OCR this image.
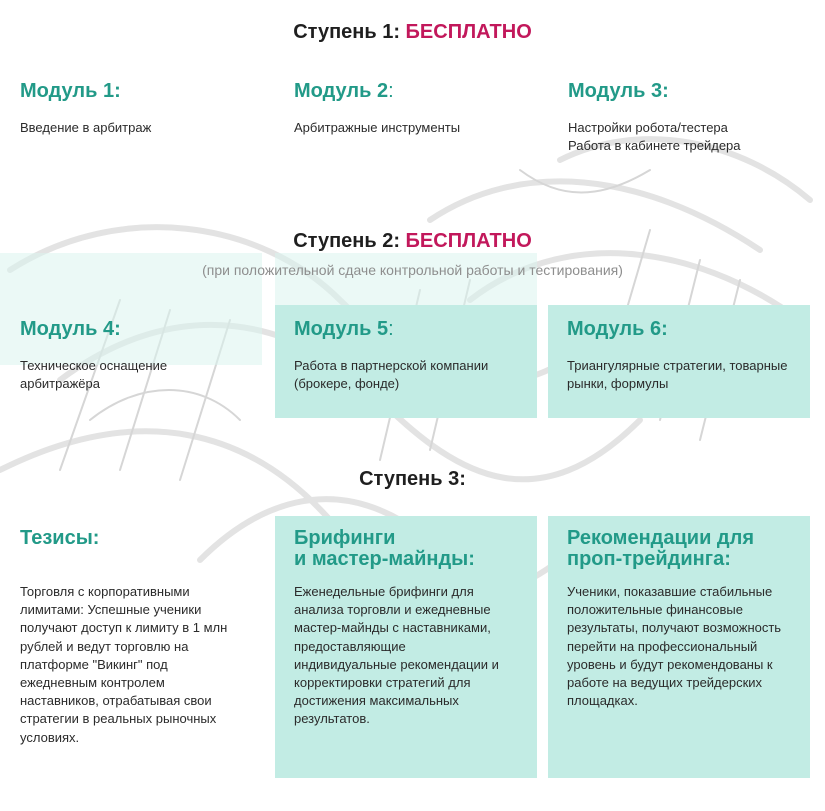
Ступень 1: БЕСПЛАТНО
Модуль 1:
Введение в арбитраж
Модуль 2:
Арбитражные инструменты
Модуль 3:
Настройки робота/тестера
Работа в кабинете трейдера
Ступень 2: БЕСПЛАТНО
(при положительной сдаче контрольной работы и тестирования)
Модуль 4:
Техническое оснащение
арбитражёра
Модуль 5:
Работа в партнерской компании
(брокере, фонде)
Модуль 6:
Триангулярные стратегии, товарные
рынки, формулы
Ступень 3:
Тезисы:
Торговля с корпоративными
лимитами: Успешные ученики
получают доступ к лимиту в 1 млн
рублей и ведут торговлю на
платформе "Викинг" под
ежедневным контролем
наставников, отрабатывая свои
стратегии в реальных рыночных
условиях.
Брифинги
и мастер-майнды:
Еженедельные брифинги для
анализа торговли и ежедневные
мастер-майнды с наставниками,
предоставляющие
индивидуальные рекомендации и
корректировки стратегий для
достижения максимальных
результатов.
Рекомендации для
проп-трейдинга:
Ученики, показавшие стабильные
положительные финансовые
результаты, получают возможность
перейти на профессиональный
уровень и будут рекомендованы к
работе на ведущих трейдерских
площадках.
